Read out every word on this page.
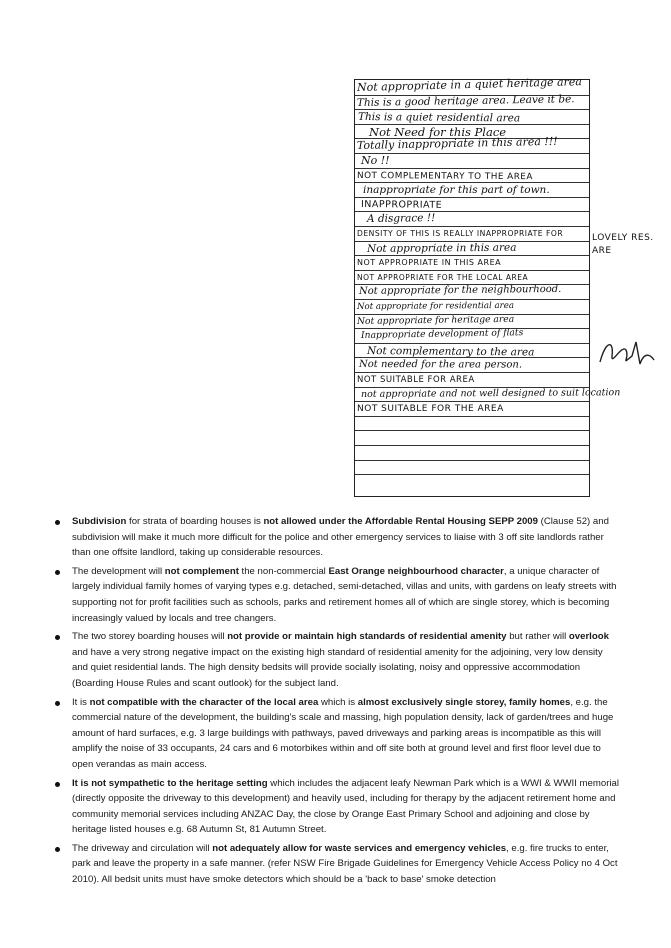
Not appropriate in a quiet heritage area
This is a good heritage area. Leave it be.
This is a quiet residential area
Not Need for this Place
Totally inappropriate in this area !!!
No !!
NOT COMPLEMENTARY TO THE AREA
inappropriate for this part of town.
INAPPROPRIATE
A disgrace !!
DENSITY OF THIS IS REALLY INAPPROPRIATE FOR
Not appropriate in this area
NOT APPROPRIATE IN THIS AREA
NOT APPROPRIATE FOR THE LOCAL AREA
Not appropriate for the neighbourhood.
Not appropriate for residential area
Not appropriate for heritage area
Inappropriate development of flats
Not complementary to the area
Not needed for the area person.
NOT SUITABLE FOR AREA
not appropriate and not well designed to suit location
NOT SUITABLE FOR THE AREA
LOVELY RES. ARE
Subdivision for strata of boarding houses is not allowed under the Affordable Rental Housing SEPP 2009 (Clause 52) and subdivision will make it much more difficult for the police and other emergency services to liaise with 3 off site landlords rather than one offsite landlord, taking up considerable resources.
The development will not complement the non-commercial East Orange neighbourhood character, a unique character of largely individual family homes of varying types e.g. detached, semi-detached, villas and units, with gardens on leafy streets with supporting not for profit facilities such as schools, parks and retirement homes all of which are single storey, which is becoming increasingly valued by locals and tree changers.
The two storey boarding houses will not provide or maintain high standards of residential amenity but rather will overlook and have a very strong negative impact on the existing high standard of residential amenity for the adjoining, very low density and quiet residential lands. The high density bedsits will provide socially isolating, noisy and oppressive accommodation (Boarding House Rules and scant outlook) for the subject land.
It is not compatible with the character of the local area which is almost exclusively single storey, family homes, e.g. the commercial nature of the development, the building's scale and massing, high population density, lack of garden/trees and huge amount of hard surfaces, e.g. 3 large buildings with pathways, paved driveways and parking areas is incompatible as this will amplify the noise of 33 occupants, 24 cars and 6 motorbikes within and off site both at ground level and first floor level due to open verandas as main access.
It is not sympathetic to the heritage setting which includes the adjacent leafy Newman Park which is a WWI & WWII memorial (directly opposite the driveway to this development) and heavily used, including for therapy by the adjacent retirement home and community memorial services including ANZAC Day, the close by Orange East Primary School and adjoining and close by heritage listed houses e.g. 68 Autumn St, 81 Autumn Street.
The driveway and circulation will not adequately allow for waste services and emergency vehicles, e.g. fire trucks to enter, park and leave the property in a safe manner. (refer NSW Fire Brigade Guidelines for Emergency Vehicle Access Policy no 4 Oct 2010). All bedsit units must have smoke detectors which should be a 'back to base' smoke detection
